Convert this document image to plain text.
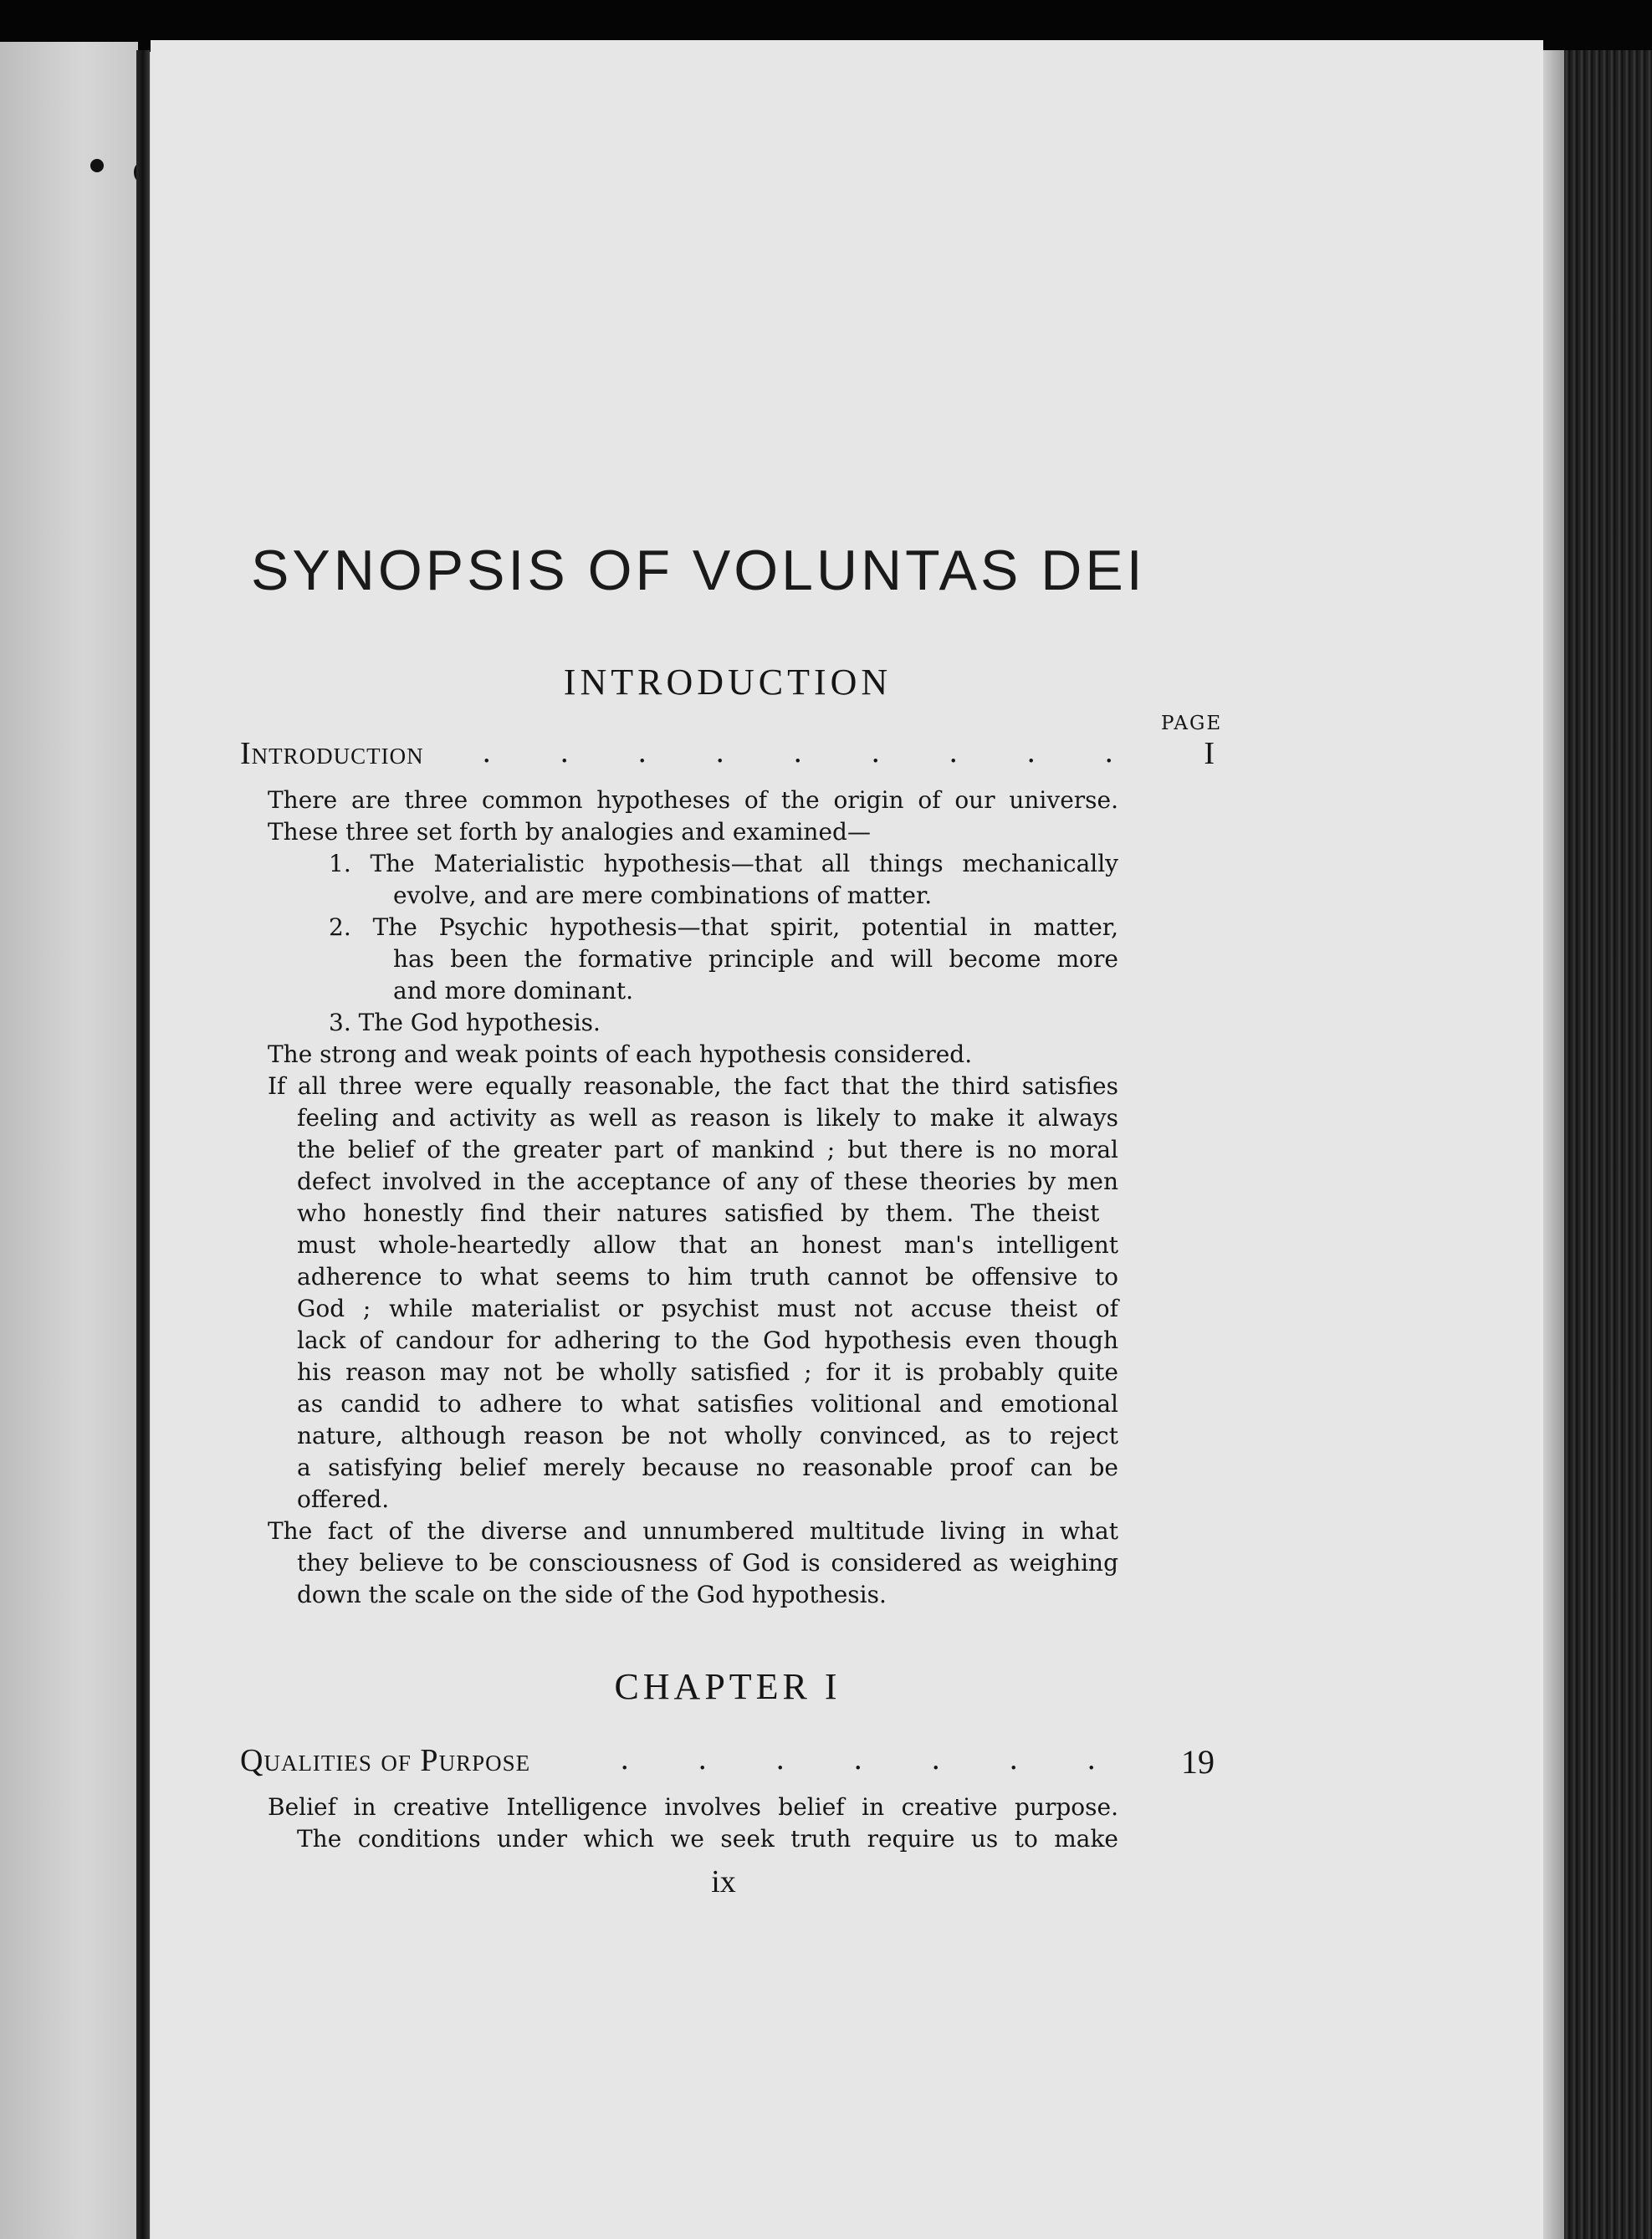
SYNOPSIS OF VOLUNTAS DEI
INTRODUCTION
PAGE
Introduction . . . . . . . . . I
There are three common hypotheses of the origin of our universe.
These three set forth by analogies and examined—
1. The Materialistic hypothesis—that all things mechanically
evolve, and are mere combinations of matter.
2. The Psychic hypothesis—that spirit, potential in matter,
has been the formative principle and will become more
and more dominant.
3. The God hypothesis.
The strong and weak points of each hypothesis considered.
If all three were equally reasonable, the fact that the third satisfies
feeling and activity as well as reason is likely to make it always
the belief of the greater part of mankind ; but there is no moral
defect involved in the acceptance of any of these theories by men
who honestly find their natures satisfied by them. The theist
must whole-heartedly allow that an honest man's intelligent
adherence to what seems to him truth cannot be offensive to
God ; while materialist or psychist must not accuse theist of
lack of candour for adhering to the God hypothesis even though
his reason may not be wholly satisfied ; for it is probably quite
as candid to adhere to what satisfies volitional and emotional
nature, although reason be not wholly convinced, as to reject
a satisfying belief merely because no reasonable proof can be
offered.
The fact of the diverse and unnumbered multitude living in what
they believe to be consciousness of God is considered as weighing
down the scale on the side of the God hypothesis.
CHAPTER I
Qualities of Purpose	. . . . . . . 19
Belief in creative Intelligence involves belief in creative purpose.
The conditions under which we seek truth require us to make
ix
